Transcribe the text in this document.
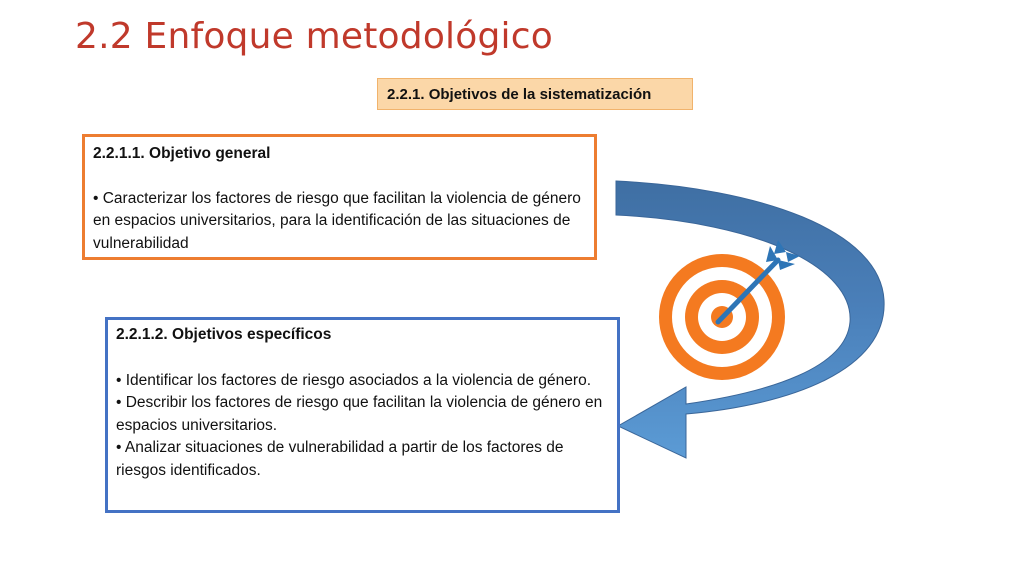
2.2 Enfoque metodológico
2.2.1. Objetivos de la sistematización

2.2.1.1. Objetivo general

• Caracterizar los factores de riesgo que facilitan la violencia de género en espacios universitarios, para la identificación de las situaciones de vulnerabilidad

2.2.1.2. Objetivos específicos

• Identificar los factores de riesgo asociados a la violencia de género.

• Describir los factores de riesgo que facilitan la violencia de género en espacios universitarios.

• Analizar situaciones de vulnerabilidad a partir de los factores de riesgos identificados.
